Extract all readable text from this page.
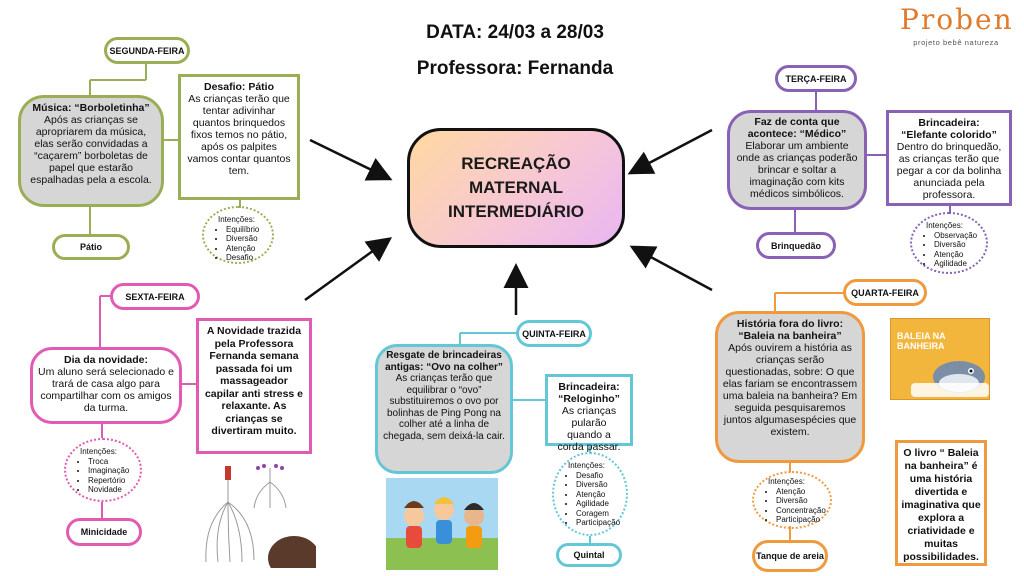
DATA: 24/03 a 28/03
Professora: Fernanda
Proben
projeto bebê natureza
RECREAÇÃO MATERNAL INTERMEDIÁRIO
SEGUNDA-FEIRA
Música: “Borboletinha”
Após as crianças se apropriarem da música, elas serão convidadas a “caçarem” borboletas de papel que estarão espalhadas pela a escola.
Desafio: Pátio
As crianças terão que tentar adivinhar quantos brinquedos fixos temos no pátio, após os palpites vamos contar quantos tem.
Intenções:
• Equilíbrio
• Diversão
• Atenção
• Desafio
Pátio
TERÇA-FEIRA
Faz de conta que acontece: “Médico”
Elaborar um ambiente onde as crianças poderão brincar e soltar a imaginação com kits médicos simbólicos.
Brincadeira: “Elefante colorido”
Dentro do brinquedão, as crianças terão que pegar a cor da bolinha anunciada pela professora.
Intenções:
• Observação
• Diversão
• Atenção
• Agilidade
Brinquedão
QUARTA-FEIRA
História fora do livro: “Baleia na banheira”
Após ouvirem a história as crianças serão questionadas, sobre: O que elas fariam se encontrassem uma baleia na banheira? Em seguida pesquisaremos juntos algumasespécies que existem.
BALEIA NA BANHEIRA
O livro “ Baleia na banheira” é uma história divertida e imaginativa que explora a criatividade e muitas possibilidades.
Intenções:
• Atenção
• Diversão
• Concentração
• Participação
Tanque de areia
QUINTA-FEIRA
Resgate de brincadeiras antigas: “Ovo na colher”
As crianças terão que equilibrar o “ovo” substituiremos o ovo por bolinhas de Ping Pong na colher até a linha de chegada, sem deixá-la cair.
Brincadeira: “Reloginho”
As crianças pularão quando a corda passar.
Intenções:
• Desafio
• Diversão
• Atenção
• Agilidade
• Coragem
• Participação
Quintal
SEXTA-FEIRA
Dia da novidade:
Um aluno será selecionado e trará de casa algo para compartilhar com os amigos da turma.
A Novidade trazida pela Professora Fernanda semana passada foi um massageador capilar anti stress e relaxante. As crianças se divertiram muito.
Intenções:
• Troca
• Imaginação
• Repertório
• Novidade
Minicidade
